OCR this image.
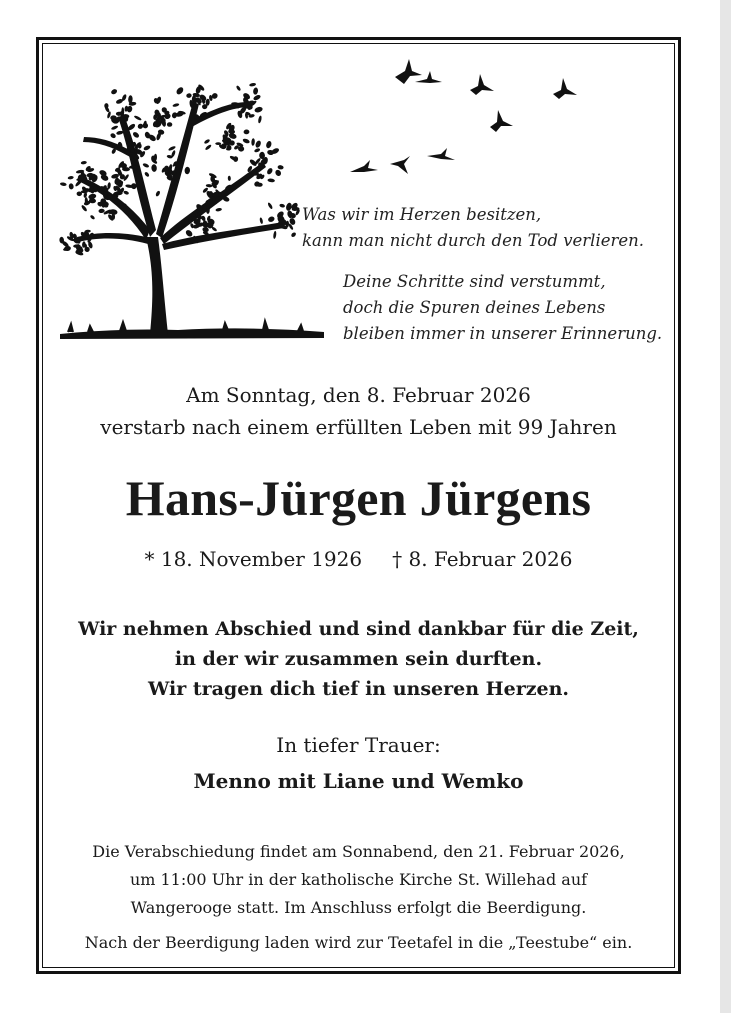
Was wir im Herzen besitzen,
kann man nicht durch den Tod verlieren.
Deine Schritte sind verstummt,
doch die Spuren deines Lebens
bleiben immer in unserer Erinnerung.
Am Sonntag, den 8. Februar 2026
verstarb nach einem erfüllten Leben mit 99 Jahren
Hans-Jürgen Jürgens
* 18. November 1926 † 8. Februar 2026
Wir nehmen Abschied und sind dankbar für die Zeit,
in der wir zusammen sein durften.
Wir tragen dich tief in unseren Herzen.
In tiefer Trauer:
Menno mit Liane und Wemko
Die Verabschiedung findet am Sonnabend, den 21. Februar 2026,
um 11:00 Uhr in der katholische Kirche St. Willehad auf
Wangerooge statt. Im Anschluss erfolgt die Beerdigung.
Nach der Beerdigung laden wird zur Teetafel in die „Teestube“ ein.
